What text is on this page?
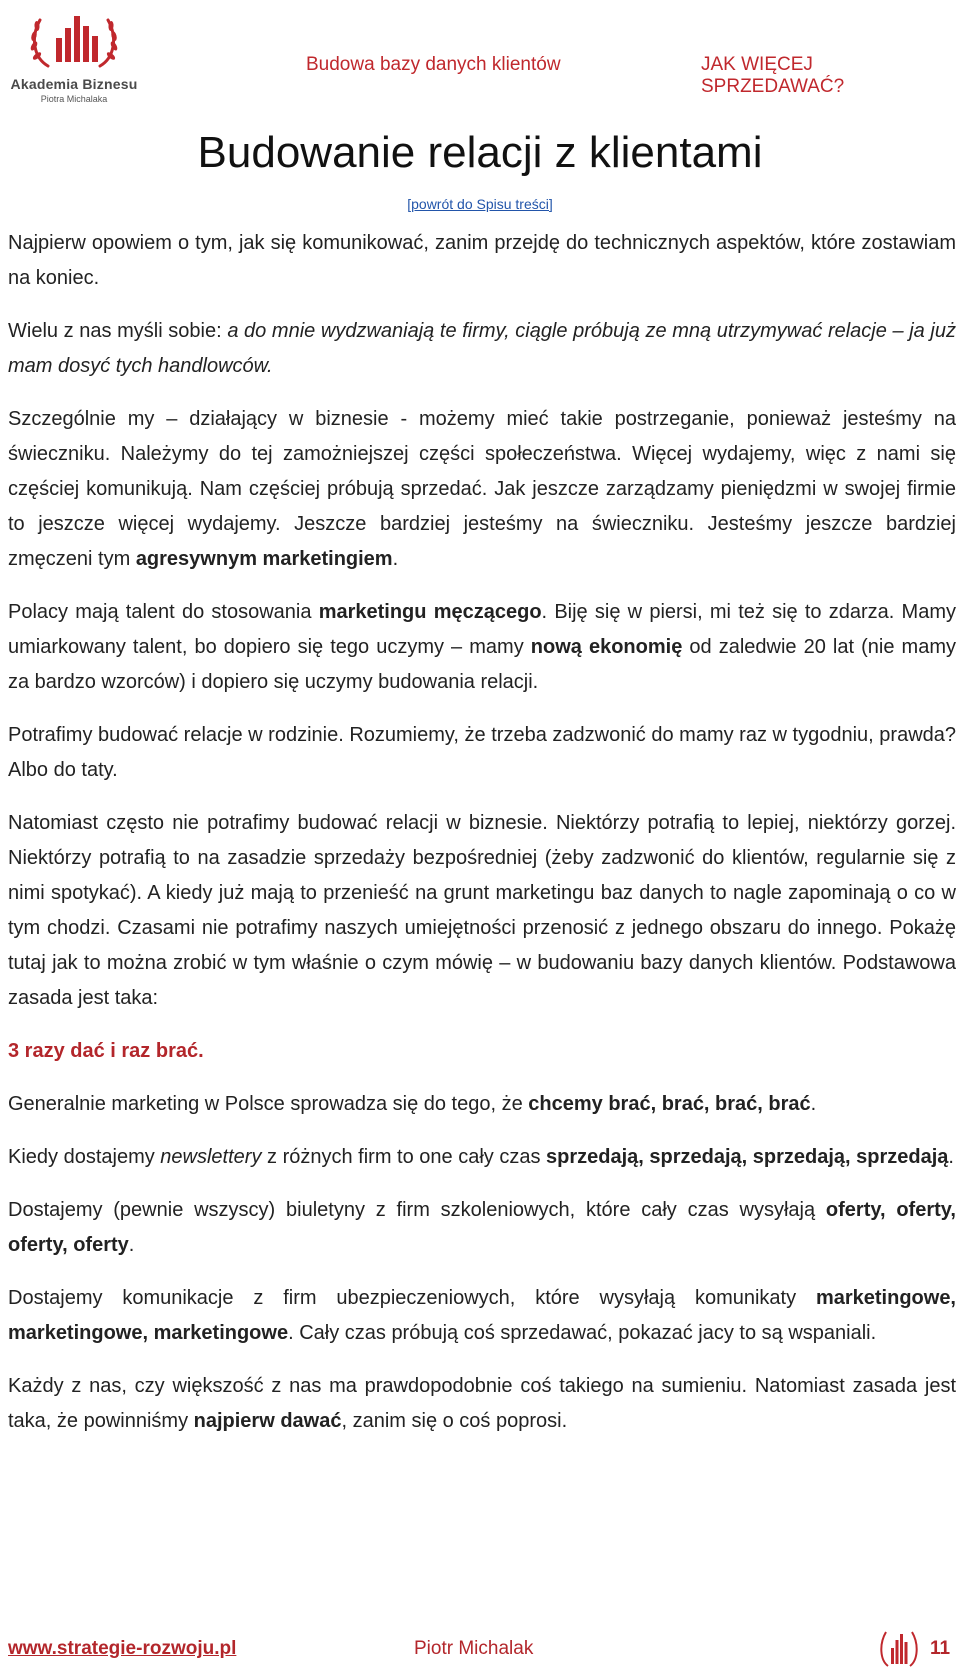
Akademia Biznesu
Piotra Michalaka
Budowa bazy danych klientów	JAK WIĘCEJ SPRZEDAWAĆ?
Budowanie relacji z klientami
[powrót do Spisu treści]

Najpierw opowiem o tym, jak się komunikować, zanim przejdę do technicznych aspektów, które zostawiam na koniec.

Wielu z nas myśli sobie: a do mnie wydzwaniają te firmy, ciągle próbują ze mną utrzymywać relacje – ja już mam dosyć tych handlowców.

Szczególnie my – działający w biznesie - możemy mieć takie postrzeganie, ponieważ jesteśmy na świeczniku. Należymy do tej zamożniejszej części społeczeństwa. Więcej wydajemy, więc z nami się częściej komunikują. Nam częściej próbują sprzedać. Jak jeszcze zarządzamy pieniędzmi w swojej firmie to jeszcze więcej wydajemy. Jeszcze bardziej jesteśmy na świeczniku. Jesteśmy jeszcze bardziej zmęczeni tym agresywnym marketingiem.

Polacy mają talent do stosowania marketingu męczącego. Biję się w piersi, mi też się to zdarza. Mamy umiarkowany talent, bo dopiero się tego uczymy – mamy nową ekonomię od zaledwie 20 lat (nie mamy za bardzo wzorców) i dopiero się uczymy budowania relacji.

Potrafimy budować relacje w rodzinie. Rozumiemy, że trzeba zadzwonić do mamy raz w tygodniu, prawda? Albo do taty.

Natomiast często nie potrafimy budować relacji w biznesie. Niektórzy potrafią to lepiej, niektórzy gorzej. Niektórzy potrafią to na zasadzie sprzedaży bezpośredniej (żeby zadzwonić do klientów, regularnie się z nimi spotykać). A kiedy już mają to przenieść na grunt marketingu baz danych to nagle zapominają o co w tym chodzi. Czasami nie potrafimy naszych umiejętności przenosić z jednego obszaru do innego. Pokażę tutaj jak to można zrobić w tym właśnie o czym mówię – w budowaniu bazy danych klientów. Podstawowa zasada jest taka:

3 razy dać i raz brać.

Generalnie marketing w Polsce sprowadza się do tego, że chcemy brać, brać, brać, brać.

Kiedy dostajemy newslettery z różnych firm to one cały czas sprzedają, sprzedają, sprzedają, sprzedają.

Dostajemy (pewnie wszyscy) biuletyny z firm szkoleniowych, które cały czas wysyłają oferty, oferty, oferty, oferty.

Dostajemy komunikacje z firm ubezpieczeniowych, które wysyłają komunikaty marketingowe, marketingowe, marketingowe. Cały czas próbują coś sprzedawać, pokazać jacy to są wspaniali.

Każdy z nas, czy większość z nas ma prawdopodobnie coś takiego na sumieniu. Natomiast zasada jest taka, że powinniśmy najpierw dawać, zanim się o coś poprosi.

www.strategie-rozwoju.pl	Piotr Michalak	11
